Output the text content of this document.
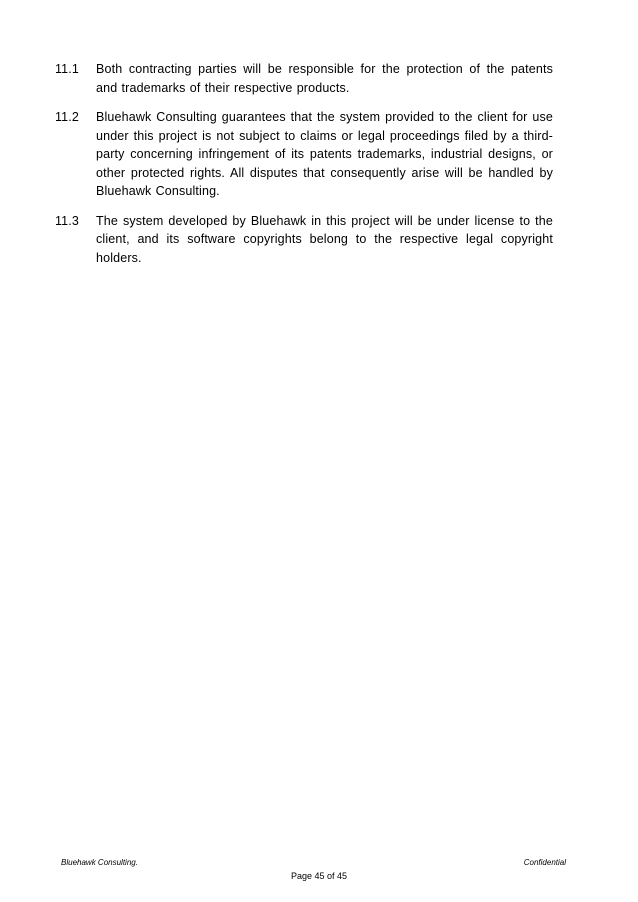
11.1	Both contracting parties will be responsible for the protection of the patents and trademarks of their respective products.
11.2	Bluehawk Consulting guarantees that the system provided to the client for use under this project is not subject to claims or legal proceedings filed by a third-party concerning infringement of its patents trademarks, industrial designs, or other protected rights. All disputes that consequently arise will be handled by Bluehawk Consulting.
11.3	The system developed by Bluehawk in this project will be under license to the client, and its software copyrights belong to the respective legal copyright holders.
Bluehawk Consulting.	Confidential
Page 45 of 45
